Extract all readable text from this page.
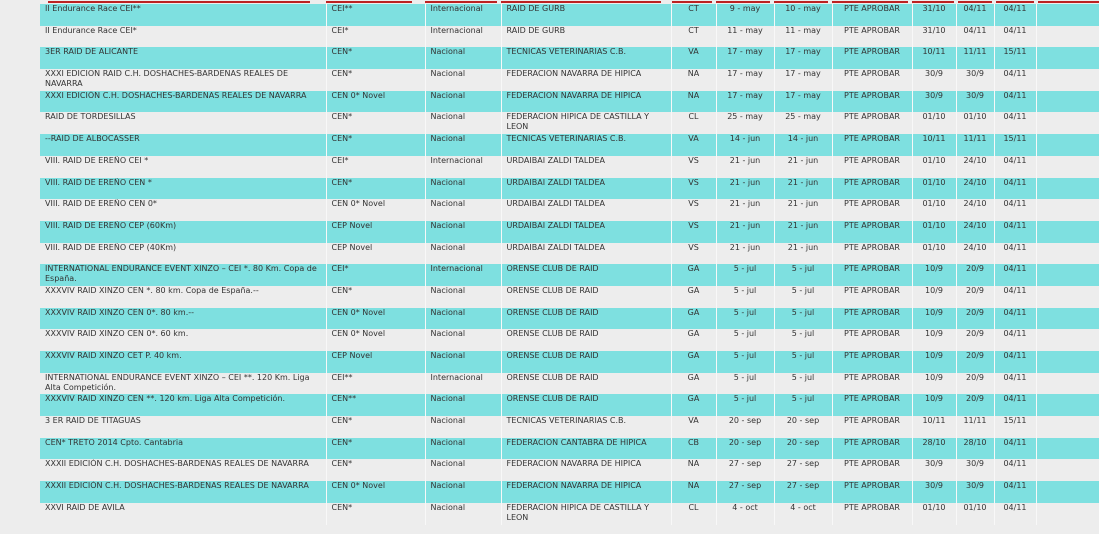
II Endurance Race CEI**	CEI**	Internacional	RAID DE GURB	CT	9 - may	10 - may	PTE APROBAR	31/10	04/11	04/11	
II Endurance Race CEI*	CEI*	Internacional	RAID DE GURB	CT	11 - may	11 - may	PTE APROBAR	31/10	04/11	04/11	
3ER RAID DE ALICANTE	CEN*	Nacional	TECNICAS VETERINARIAS C.B.	VA	17 - may	17 - may	PTE APROBAR	10/11	11/11	15/11	
XXXI EDICION RAID C.H. DOSHACHES-BARDENAS REALES DE NAVARRA	CEN*	Nacional	FEDERACION NAVARRA DE HIPICA	NA	17 - may	17 - may	PTE APROBAR	30/9	30/9	04/11	
XXXI EDICIÓN C.H. DOSHACHES-BARDENAS REALES DE NAVARRA	CEN 0* Novel	Nacional	FEDERACION NAVARRA DE HIPICA	NA	17 - may	17 - may	PTE APROBAR	30/9	30/9	04/11	
RAID DE TORDESILLAS	CEN*	Nacional	FEDERACION HIPICA DE CASTILLA Y LEON	CL	25 - may	25 - may	PTE APROBAR	01/10	01/10	04/11	
--RAID DE ALBOCASSER	CEN*	Nacional	TECNICAS VETERINARIAS C.B.	VA	14 - jun	14 - jun	PTE APROBAR	10/11	11/11	15/11	
VIII. RAID DE EREÑO CEI *	CEI*	Internacional	URDAIBAI ZALDI TALDEA	VS	21 - jun	21 - jun	PTE APROBAR	01/10	24/10	04/11	
VIII. RAID DE EREÑO CEN *	CEN*	Nacional	URDAIBAI ZALDI TALDEA	VS	21 - jun	21 - jun	PTE APROBAR	01/10	24/10	04/11	
VIII. RAID DE EREÑO CEN 0*	CEN 0* Novel	Nacional	URDAIBAI ZALDI TALDEA	VS	21 - jun	21 - jun	PTE APROBAR	01/10	24/10	04/11	
VIII. RAID DE EREÑO CEP (60Km)	CEP Novel	Nacional	URDAIBAI ZALDI TALDEA	VS	21 - jun	21 - jun	PTE APROBAR	01/10	24/10	04/11	
VIII. RAID DE EREÑO CEP (40Km)	CEP Novel	Nacional	URDAIBAI ZALDI TALDEA	VS	21 - jun	21 - jun	PTE APROBAR	01/10	24/10	04/11	
INTERNATIONAL ENDURANCE EVENT XINZO – CEI *. 80 Km. Copa de España.	CEI*	Internacional	ORENSE CLUB DE RAID	GA	5 - jul	5 - jul	PTE APROBAR	10/9	20/9	04/11	
XXXVIV RAID XINZO CEN *. 80 km. Copa de España.--	CEN*	Nacional	ORENSE CLUB DE RAID	GA	5 - jul	5 - jul	PTE APROBAR	10/9	20/9	04/11	
XXXVIV RAID XINZO CEN 0*. 80 km.--	CEN 0* Novel	Nacional	ORENSE CLUB DE RAID	GA	5 - jul	5 - jul	PTE APROBAR	10/9	20/9	04/11	
XXXVIV RAID XINZO CEN 0*. 60 km.	CEN 0* Novel	Nacional	ORENSE CLUB DE RAID	GA	5 - jul	5 - jul	PTE APROBAR	10/9	20/9	04/11	
XXXVIV RAID XINZO CET P. 40 km.	CEP Novel	Nacional	ORENSE CLUB DE RAID	GA	5 - jul	5 - jul	PTE APROBAR	10/9	20/9	04/11	
INTERNATIONAL ENDURANCE EVENT XINZO – CEI **. 120 Km. Liga Alta Competición.	CEI**	Internacional	ORENSE CLUB DE RAID	GA	5 - jul	5 - jul	PTE APROBAR	10/9	20/9	04/11	
XXXVIV RAID XINZO CEN **. 120 km. Liga Alta Competición.	CEN**	Nacional	ORENSE CLUB DE RAID	GA	5 - jul	5 - jul	PTE APROBAR	10/9	20/9	04/11	
3 ER RAID DE TITAGUAS	CEN*	Nacional	TECNICAS VETERINARIAS C.B.	VA	20 - sep	20 - sep	PTE APROBAR	10/11	11/11	15/11	
CEN* TRETO 2014 Cpto. Cantabria	CEN*	Nacional	FEDERACION CANTABRA DE HIPICA	CB	20 - sep	20 - sep	PTE APROBAR	28/10	28/10	04/11	
XXXII EDICIÓN C.H. DOSHACHES-BARDENAS REALES DE NAVARRA	CEN*	Nacional	FEDERACION NAVARRA DE HIPICA	NA	27 - sep	27 - sep	PTE APROBAR	30/9	30/9	04/11	
XXXII EDICIÓN C.H. DOSHACHES-BARDENAS REALES DE NAVARRA	CEN 0* Novel	Nacional	FEDERACION NAVARRA DE HIPICA	NA	27 - sep	27 - sep	PTE APROBAR	30/9	30/9	04/11	
XXVI RAID DE AVILA	CEN*	Nacional	FEDERACION HIPICA DE CASTILLA Y LEON	CL	4 - oct	4 - oct	PTE APROBAR	01/10	01/10	04/11	
